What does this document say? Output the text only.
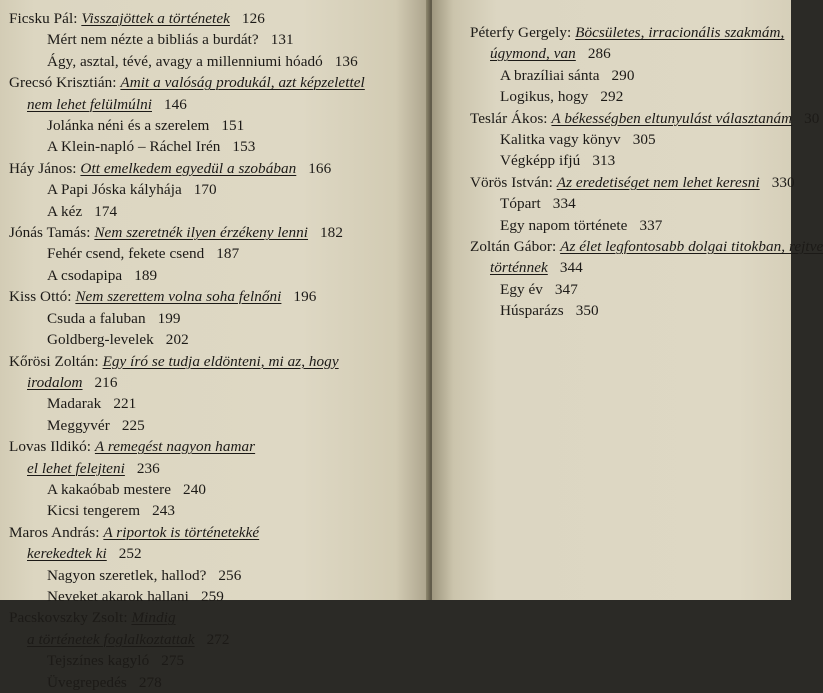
Ficsku Pál: Visszajöttek a történetek 126
Mért nem nézte a bibliás a burdát? 131
Ágy, asztal, tévé, avagy a millenniumi hóadó 136
Grecsó Krisztián: Amit a valóság produkál, azt képzelettel
nem lehet felülmúlni 146
Jolánka néni és a szerelem 151
A Klein-napló – Ráchel Irén 153
Háy János: Ott emelkedem egyedül a szobában 166
A Papi Jóska kályhája 170
A kéz 174
Jónás Tamás: Nem szeretnék ilyen érzékeny lenni 182
Fehér csend, fekete csend 187
A csodapipa 189
Kiss Ottó: Nem szerettem volna soha felnőni 196
Csuda a faluban 199
Goldberg-levelek 202
Kőrösi Zoltán: Egy író se tudja eldönteni, mi az, hogy
irodalom 216
Madarak 221
Meggyvér 225
Lovas Ildikó: A remegést nagyon hamar
el lehet felejteni 236
A kakaóbab mestere 240
Kicsi tengerem 243
Maros András: A riportok is történetekké
kerekedtek ki 252
Nagyon szeretlek, hallod? 256
Neveket akarok hallani 259
Pacskovszky Zsolt: Mindig
a történetek foglalkoztattak 272
Tejszínes kagyló 275
Üvegrepedés 278
Péterfy Gergely: Böcsületes, irracionális szakmám,
úgymond, van 286
A brazíliai sánta 290
Logikus, hogy 292
Teslár Ákos: A békességben eltunyulást választanám 30
Kalitka vagy könyv 305
Végképp ifjú 313
Vörös István: Az eredetiséget nem lehet keresni 330
Tópart 334
Egy napom története 337
Zoltán Gábor: Az élet legfontosabb dolgai titokban, rejtve
történnek 344
Egy év 347
Húsparázs 350
